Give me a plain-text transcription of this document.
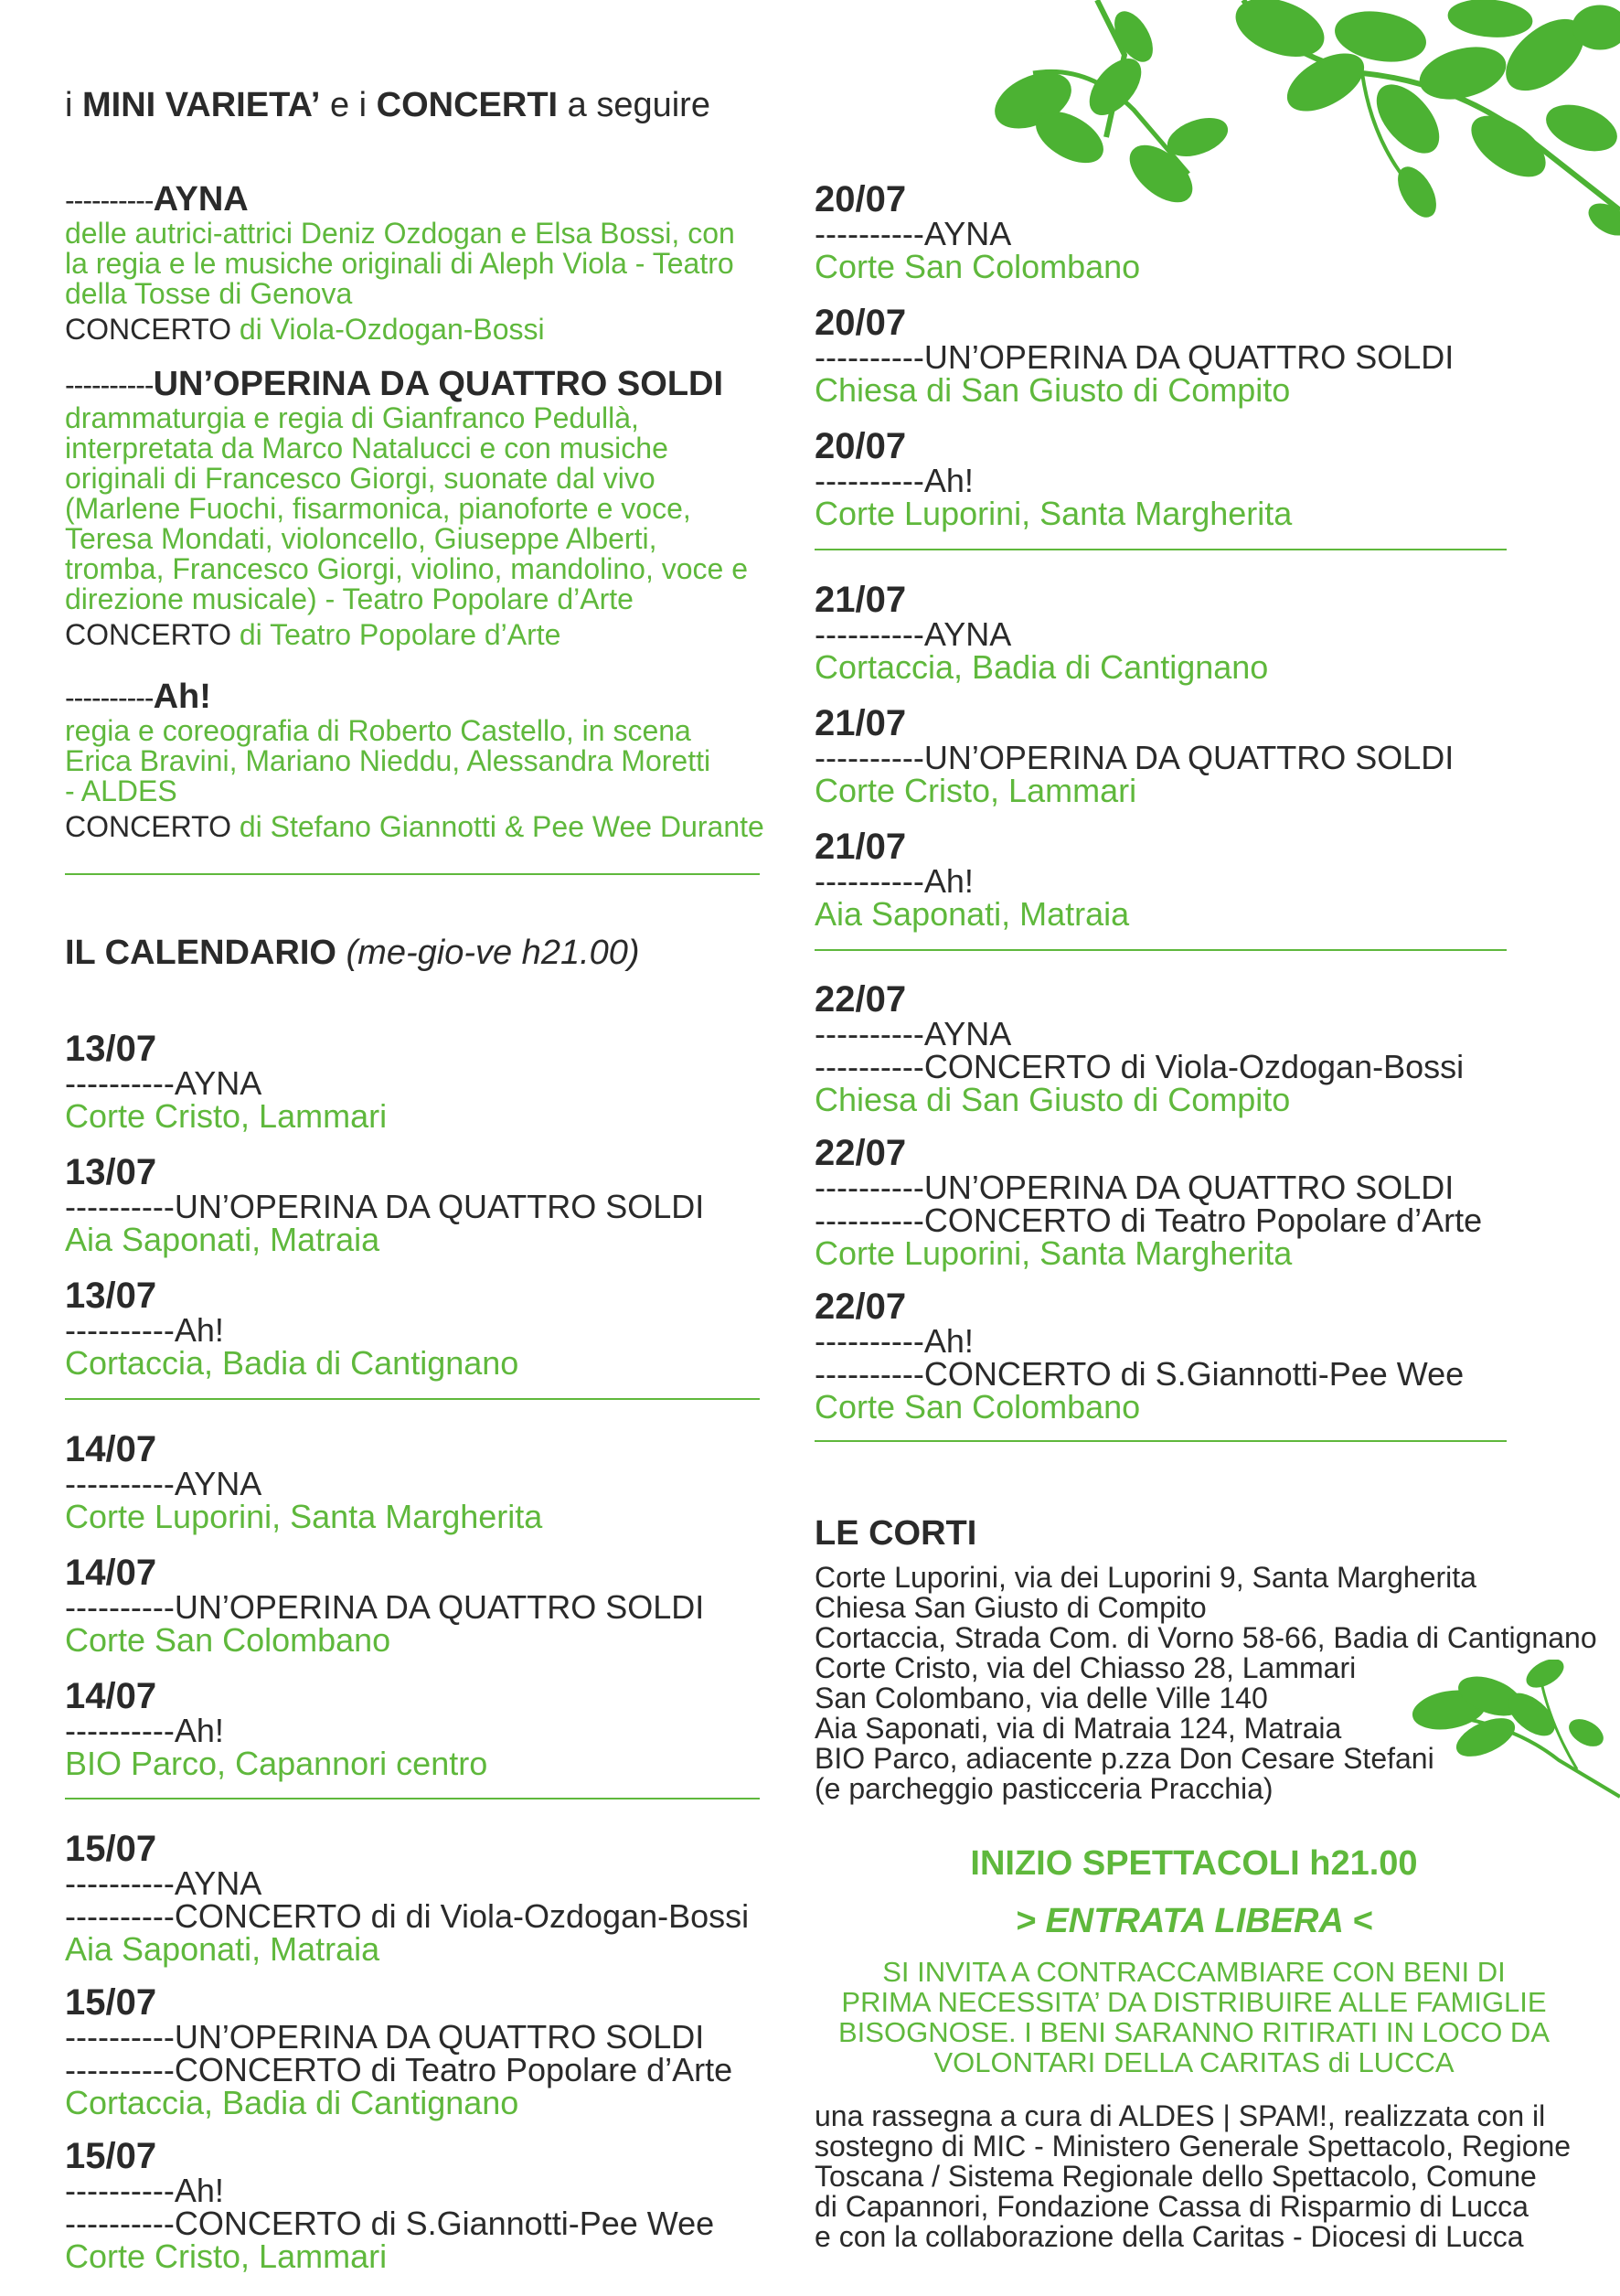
i MINI VARIETA’ e i CONCERTI a seguire
----------AYNA
delle autrici-attrici Deniz Ozdogan e Elsa Bossi, con
la regia e le musiche originali di Aleph Viola - Teatro
della Tosse di Genova
CONCERTO di Viola-Ozdogan-Bossi
----------UN’OPERINA DA QUATTRO SOLDI
drammaturgia e regia di Gianfranco Pedullà,
interpretata da Marco Natalucci e con musiche
originali di Francesco Giorgi, suonate dal vivo
(Marlene Fuochi, fisarmonica, pianoforte e voce,
Teresa Mondati, violoncello, Giuseppe Alberti,
tromba, Francesco Giorgi, violino, mandolino, voce e
direzione musicale) - Teatro Popolare d’Arte
CONCERTO di Teatro Popolare d’Arte
----------Ah!
regia e coreografia di Roberto Castello, in scena
Erica Bravini, Mariano Nieddu, Alessandra Moretti
- ALDES
CONCERTO di Stefano Giannotti & Pee Wee Durante
IL CALENDARIO (me-gio-ve h21.00)
13/07
----------AYNA
Corte Cristo, Lammari
13/07
----------UN’OPERINA DA QUATTRO SOLDI
Aia Saponati, Matraia
13/07
----------Ah!
Cortaccia, Badia di Cantignano
14/07
----------AYNA
Corte Luporini, Santa Margherita
14/07
----------UN’OPERINA DA QUATTRO SOLDI
Corte San Colombano
14/07
----------Ah!
BIO Parco, Capannori centro
15/07
----------AYNA
----------CONCERTO di di Viola-Ozdogan-Bossi
Aia Saponati, Matraia
15/07
----------UN’OPERINA DA QUATTRO SOLDI
----------CONCERTO di Teatro Popolare d’Arte
Cortaccia, Badia di Cantignano
15/07
----------Ah!
----------CONCERTO di S.Giannotti-Pee Wee
Corte Cristo, Lammari
20/07
----------AYNA
Corte San Colombano
20/07
----------UN’OPERINA DA QUATTRO SOLDI
Chiesa di San Giusto di Compito
20/07
----------Ah!
Corte Luporini, Santa Margherita
21/07
----------AYNA
Cortaccia, Badia di Cantignano
21/07
----------UN’OPERINA DA QUATTRO SOLDI
Corte Cristo, Lammari
21/07
----------Ah!
Aia Saponati, Matraia
22/07
----------AYNA
----------CONCERTO di Viola-Ozdogan-Bossi
Chiesa di San Giusto di Compito
22/07
----------UN’OPERINA DA QUATTRO SOLDI
----------CONCERTO di Teatro Popolare d’Arte
Corte Luporini, Santa Margherita
22/07
----------Ah!
----------CONCERTO di S.Giannotti-Pee Wee
Corte San Colombano
LE CORTI
Corte Luporini, via dei Luporini 9, Santa Margherita
Chiesa San Giusto di Compito
Cortaccia, Strada Com. di Vorno 58-66, Badia di Cantignano
Corte Cristo, via del Chiasso 28, Lammari
San Colombano, via delle Ville 140
Aia Saponati, via di Matraia 124, Matraia
BIO Parco, adiacente p.zza Don Cesare Stefani
(e parcheggio pasticceria Pracchia)
INIZIO SPETTACOLI h21.00
> ENTRATA LIBERA <
SI INVITA A CONTRACCAMBIARE CON BENI DI
PRIMA NECESSITA’ DA DISTRIBUIRE ALLE FAMIGLIE
BISOGNOSE. I BENI SARANNO RITIRATI IN LOCO DA
VOLONTARI DELLA CARITAS di LUCCA
una rassegna a cura di ALDES | SPAM!, realizzata con il
sostegno di MIC - Ministero Generale Spettacolo, Regione
Toscana / Sistema Regionale dello Spettacolo, Comune
di Capannori, Fondazione Cassa di Risparmio di Lucca
e con la collaborazione della Caritas - Diocesi di Lucca
